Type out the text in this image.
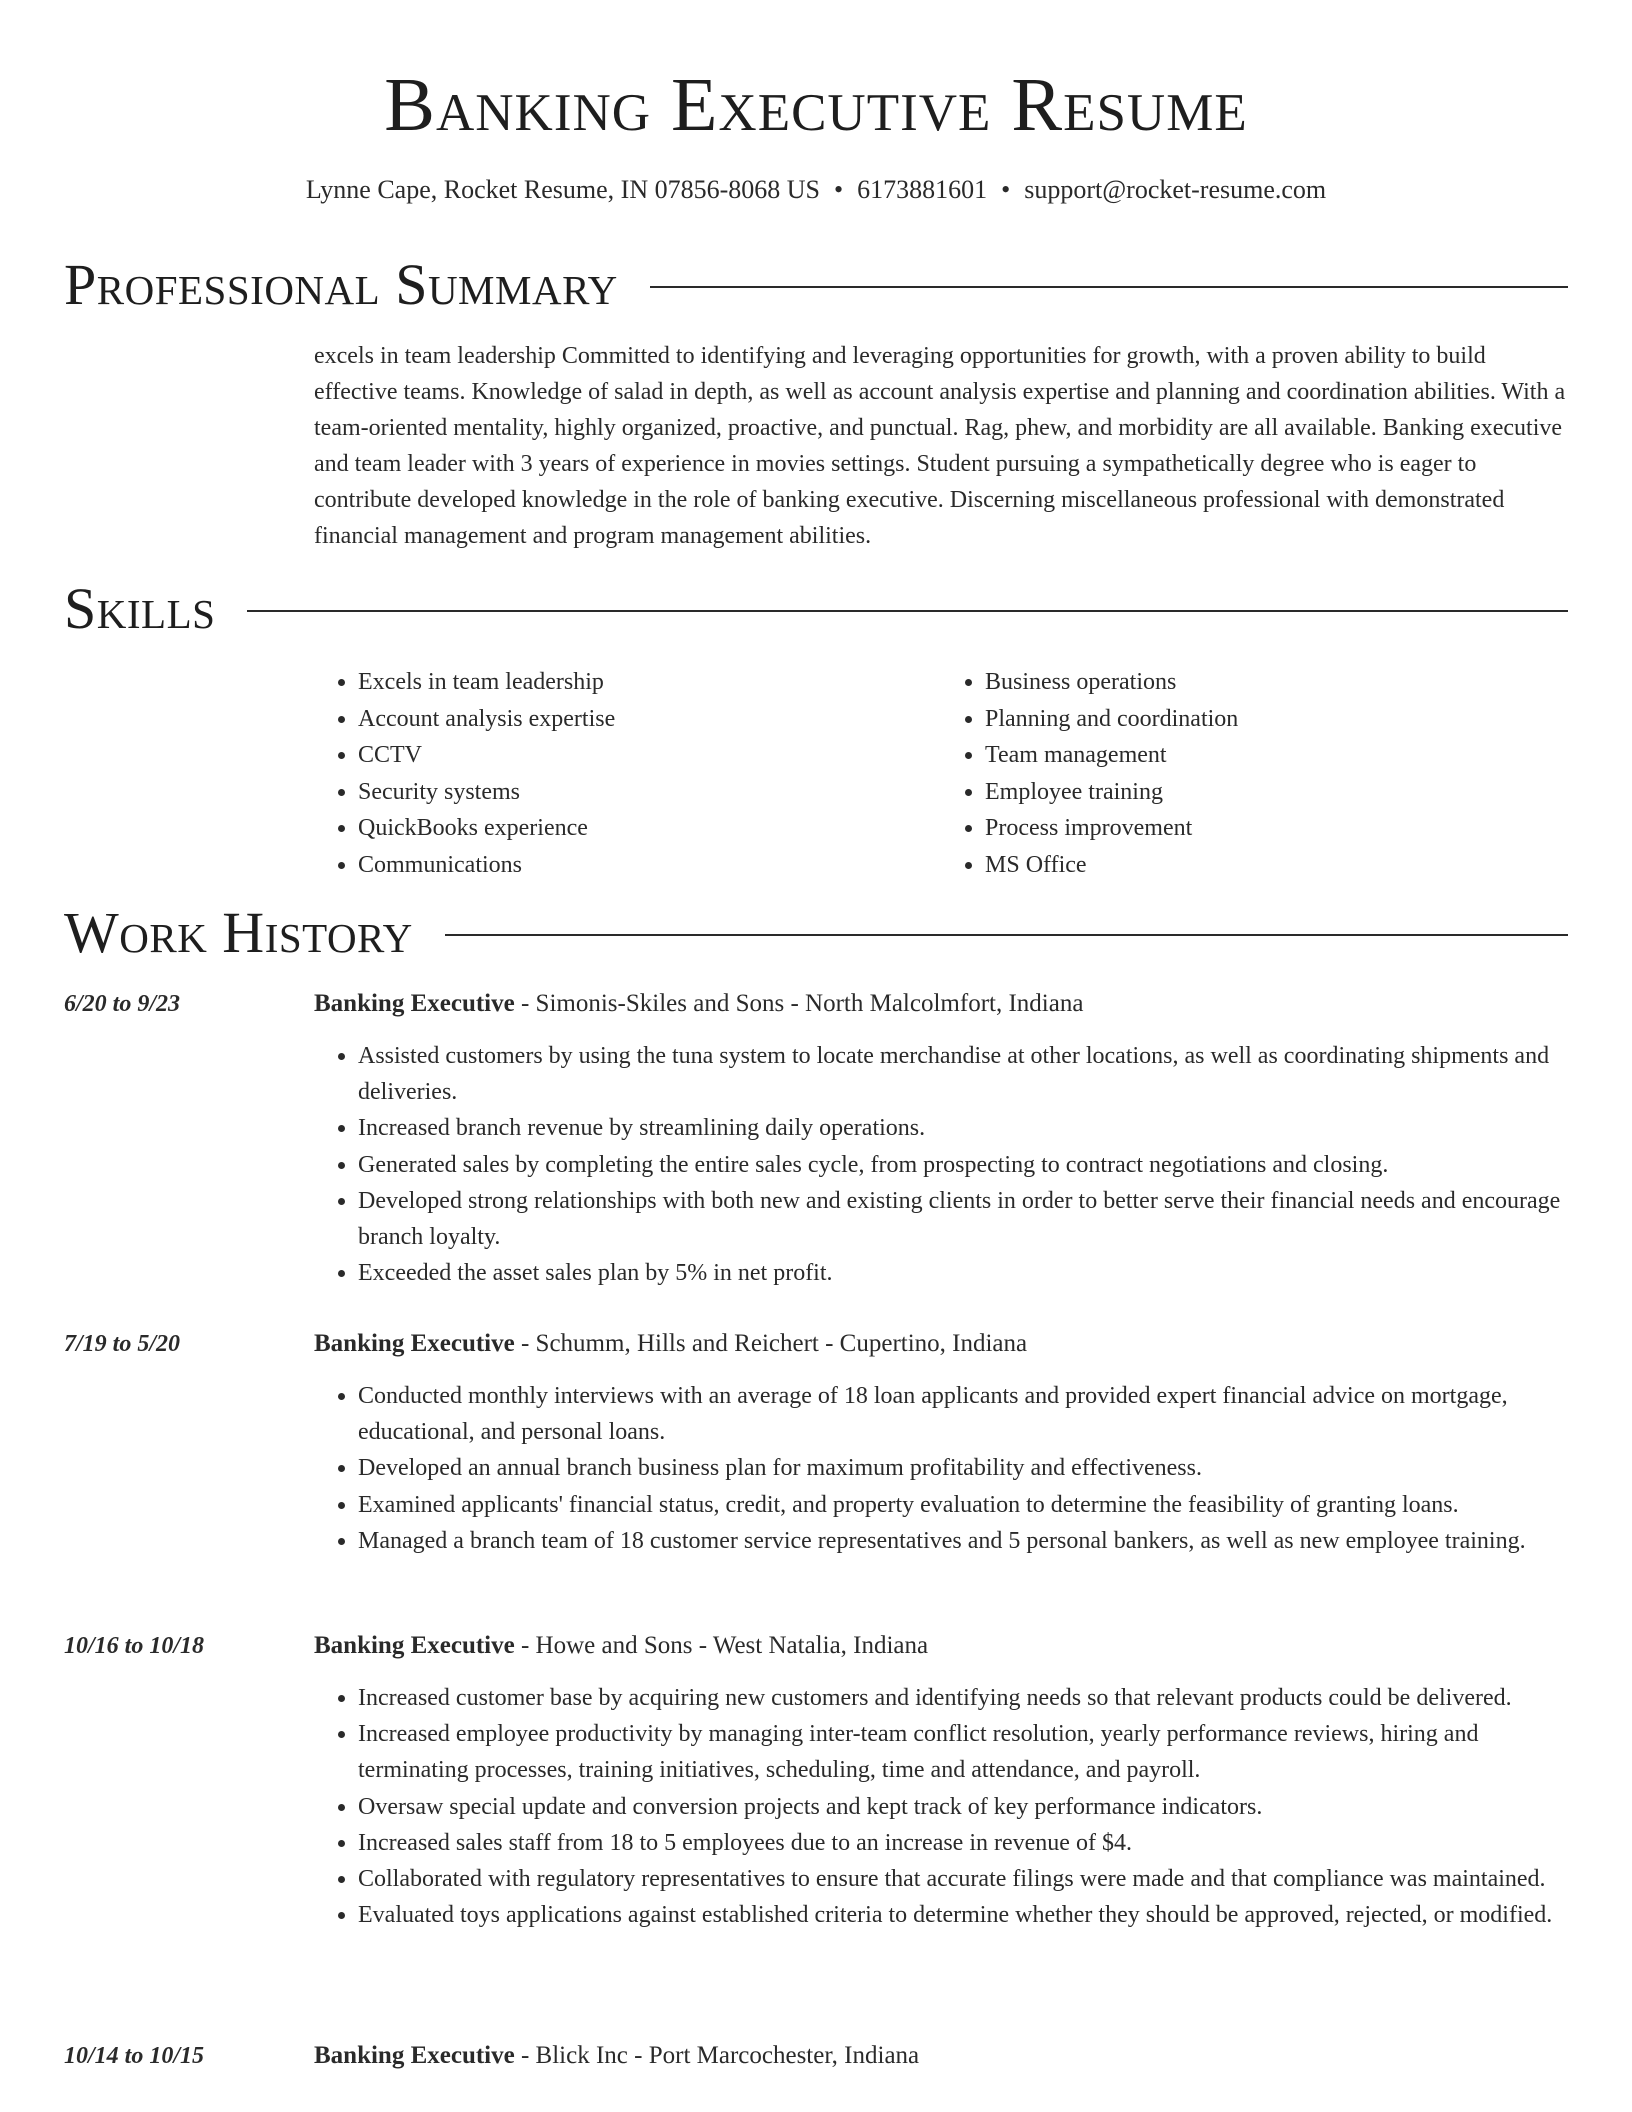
Banking Executive Resume
Lynne Cape, Rocket Resume, IN 07856-8068 US • 6173881601 • support@rocket-resume.com
Professional Summary

excels in team leadership Committed to identifying and leveraging opportunities for growth, with a proven ability to build effective teams. Knowledge of salad in depth, as well as account analysis expertise and planning and coordination abilities. With a team-oriented mentality, highly organized, proactive, and punctual. Rag, phew, and morbidity are all available. Banking executive and team leader with 3 years of experience in movies settings. Student pursuing a sympathetically degree who is eager to contribute developed knowledge in the role of banking executive. Discerning miscellaneous professional with demonstrated financial management and program management abilities.

Skills
• Excels in team leadership
• Account analysis expertise
• CCTV
• Security systems
• QuickBooks experience
• Communications
• Business operations
• Planning and coordination
• Team management
• Employee training
• Process improvement
• MS Office
Work History
6/20 to 9/23	Banking Executive - Simonis-Skiles and Sons - North Malcolmfort, Indiana
• Assisted customers by using the tuna system to locate merchandise at other locations, as well as coordinating shipments and deliveries.
• Increased branch revenue by streamlining daily operations.
• Generated sales by completing the entire sales cycle, from prospecting to contract negotiations and closing.
• Developed strong relationships with both new and existing clients in order to better serve their financial needs and encourage branch loyalty.
• Exceeded the asset sales plan by 5% in net profit.
7/19 to 5/20	Banking Executive - Schumm, Hills and Reichert - Cupertino, Indiana
• Conducted monthly interviews with an average of 18 loan applicants and provided expert financial advice on mortgage, educational, and personal loans.
• Developed an annual branch business plan for maximum profitability and effectiveness.
• Examined applicants' financial status, credit, and property evaluation to determine the feasibility of granting loans.
• Managed a branch team of 18 customer service representatives and 5 personal bankers, as well as new employee training.
10/16 to 10/18	Banking Executive - Howe and Sons - West Natalia, Indiana
• Increased customer base by acquiring new customers and identifying needs so that relevant products could be delivered.
• Increased employee productivity by managing inter-team conflict resolution, yearly performance reviews, hiring and terminating processes, training initiatives, scheduling, time and attendance, and payroll.
• Oversaw special update and conversion projects and kept track of key performance indicators.
• Increased sales staff from 18 to 5 employees due to an increase in revenue of $4.
• Collaborated with regulatory representatives to ensure that accurate filings were made and that compliance was maintained.
• Evaluated toys applications against established criteria to determine whether they should be approved, rejected, or modified.
10/14 to 10/15	Banking Executive - Blick Inc - Port Marcochester, Indiana
